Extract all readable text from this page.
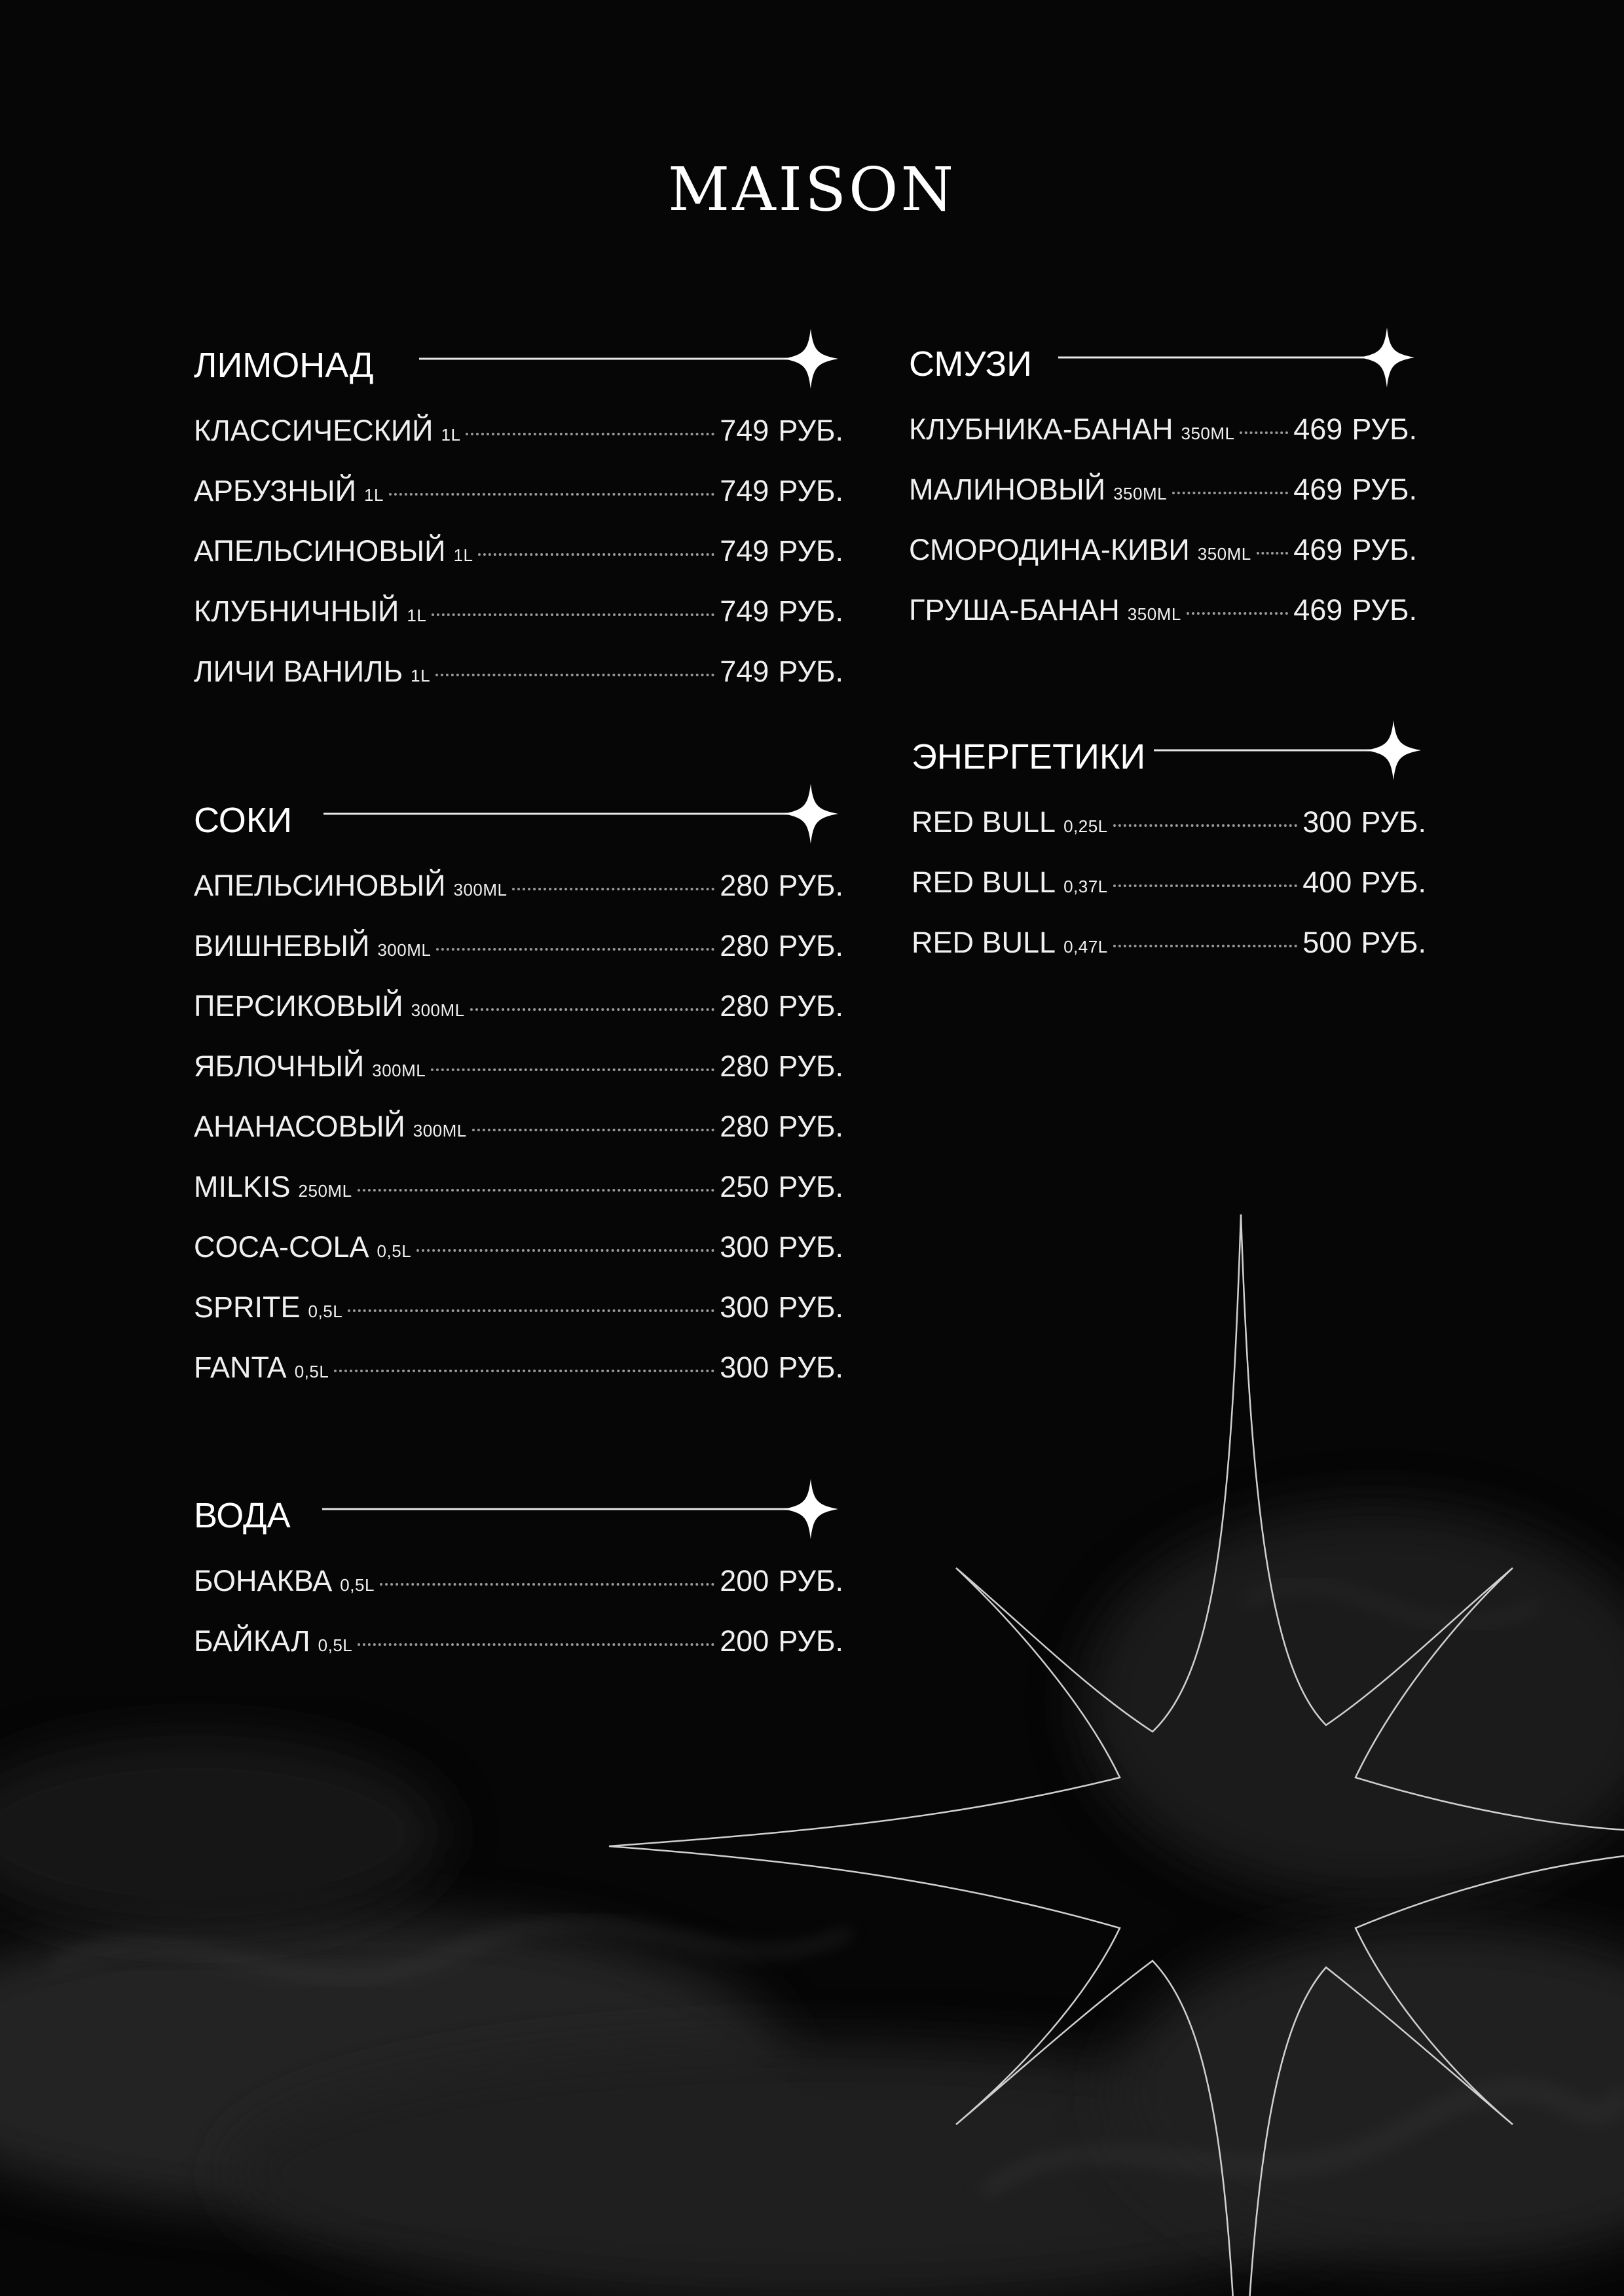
MAISON
ЛИМОНАД
КЛАССИЧЕСКИЙ 1L	749 РУБ.
АРБУЗНЫЙ 1L	749 РУБ.
АПЕЛЬСИНОВЫЙ 1L	749 РУБ.
КЛУБНИЧНЫЙ 1L	749 РУБ.
ЛИЧИ ВАНИЛЬ 1L	749 РУБ.
СОКИ
АПЕЛЬСИНОВЫЙ 300ML	280 РУБ.
ВИШНЕВЫЙ 300ML	280 РУБ.
ПЕРСИКОВЫЙ 300ML	280 РУБ.
ЯБЛОЧНЫЙ 300ML	280 РУБ.
АНАНАСОВЫЙ 300ML	280 РУБ.
MILKIS 250ML	250 РУБ.
COCA-COLA 0,5L	300 РУБ.
SPRITE 0,5L	300 РУБ.
FANTA 0,5L	300 РУБ.
ВОДА
БОНАКВА 0,5L	200 РУБ.
БАЙКАЛ 0,5L	200 РУБ.
СМУЗИ
КЛУБНИКА-БАНАН 350ML 469 РУБ.
МАЛИНОВЫЙ 350ML	469 РУБ.
СМОРОДИНА-КИВИ 350ML 469 РУБ.
ГРУША-БАНАН 350ML	469 РУБ.
ЭНЕРГЕТИКИ
RED BULL 0,25L	300 РУБ.
RED BULL 0,37L	400 РУБ.
RED BULL 0,47L	500 РУБ.
